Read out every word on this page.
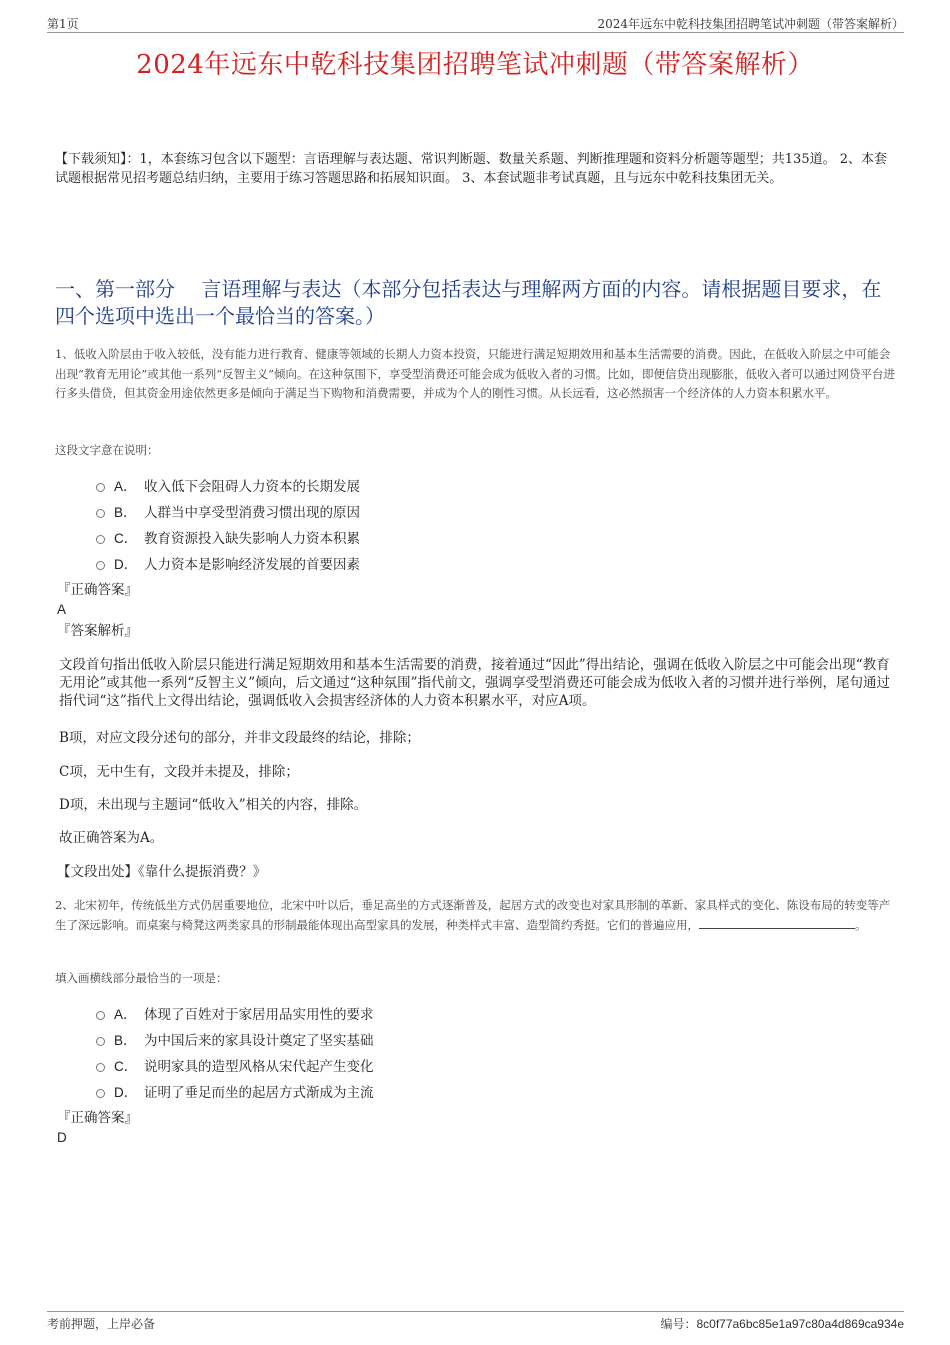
第1页	2024年远东中乾科技集团招聘笔试冲刺题（带答案解析）
2024年远东中乾科技集团招聘笔试冲刺题（带答案解析）
【下载须知】：1，本套练习包含以下题型：言语理解与表达题、常识判断题、数量关系题、判断推理题和资料分析题等题型；共135道。 2、本套试题根据常见招考题总结归纳，主要用于练习答题思路和拓展知识面。 3、本套试题非考试真题，且与远东中乾科技集团无关。
一、第一部分　 言语理解与表达（本部分包括表达与理解两方面的内容。请根据题目要求，在四个选项中选出一个最恰当的答案。）
1、低收入阶层由于收入较低，没有能力进行教育、健康等领域的长期人力资本投资，只能进行满足短期效用和基本生活需要的消费。因此，在低收入阶层之中可能会出现“教育无用论”或其他一系列“反智主义”倾向。在这种氛围下，享受型消费还可能会成为低收入者的习惯。比如，即便信贷出现膨胀，低收入者可以通过网贷平台进行多头借贷，但其资金用途依然更多是倾向于满足当下购物和消费需要，并成为个人的刚性习惯。从长远看，这必然损害一个经济体的人力资本积累水平。
这段文字意在说明：
A． 收入低下会阻碍人力资本的长期发展
B． 人群当中享受型消费习惯出现的原因
C． 教育资源投入缺失影响人力资本积累
D． 人力资本是影响经济发展的首要因素
『正确答案』
A
『答案解析』
文段首句指出低收入阶层只能进行满足短期效用和基本生活需要的消费，接着通过“因此”得出结论，强调在低收入阶层之中可能会出现“教育无用论”或其他一系列“反智主义”倾向，后文通过“这种氛围”指代前文，强调享受型消费还可能会成为低收入者的习惯并进行举例，尾句通过指代词“这”指代上文得出结论，强调低收入会损害经济体的人力资本积累水平，对应A项。
B项，对应文段分述句的部分，并非文段最终的结论，排除；
C项，无中生有，文段并未提及，排除；
D项，未出现与主题词“低收入”相关的内容，排除。
故正确答案为A。
【文段出处】《靠什么提振消费？》
2、北宋初年，传统低坐方式仍居重要地位，北宋中叶以后，垂足高坐的方式逐渐普及，起居方式的改变也对家具形制的革新、家具样式的变化、陈设布局的转变等产生了深远影响。而桌案与椅凳这两类家具的形制最能体现出高型家具的发展，种类样式丰富、造型简约秀挺。它们的普遍应用，	。
填入画横线部分最恰当的一项是：
A． 体现了百姓对于家居用品实用性的要求
B． 为中国后来的家具设计奠定了坚实基础
C． 说明家具的造型风格从宋代起产生变化
D． 证明了垂足而坐的起居方式渐成为主流
『正确答案』
D
考前押题，上岸必备	编号：8c0f77a6bc85e1a97c80a4d869ca934e
